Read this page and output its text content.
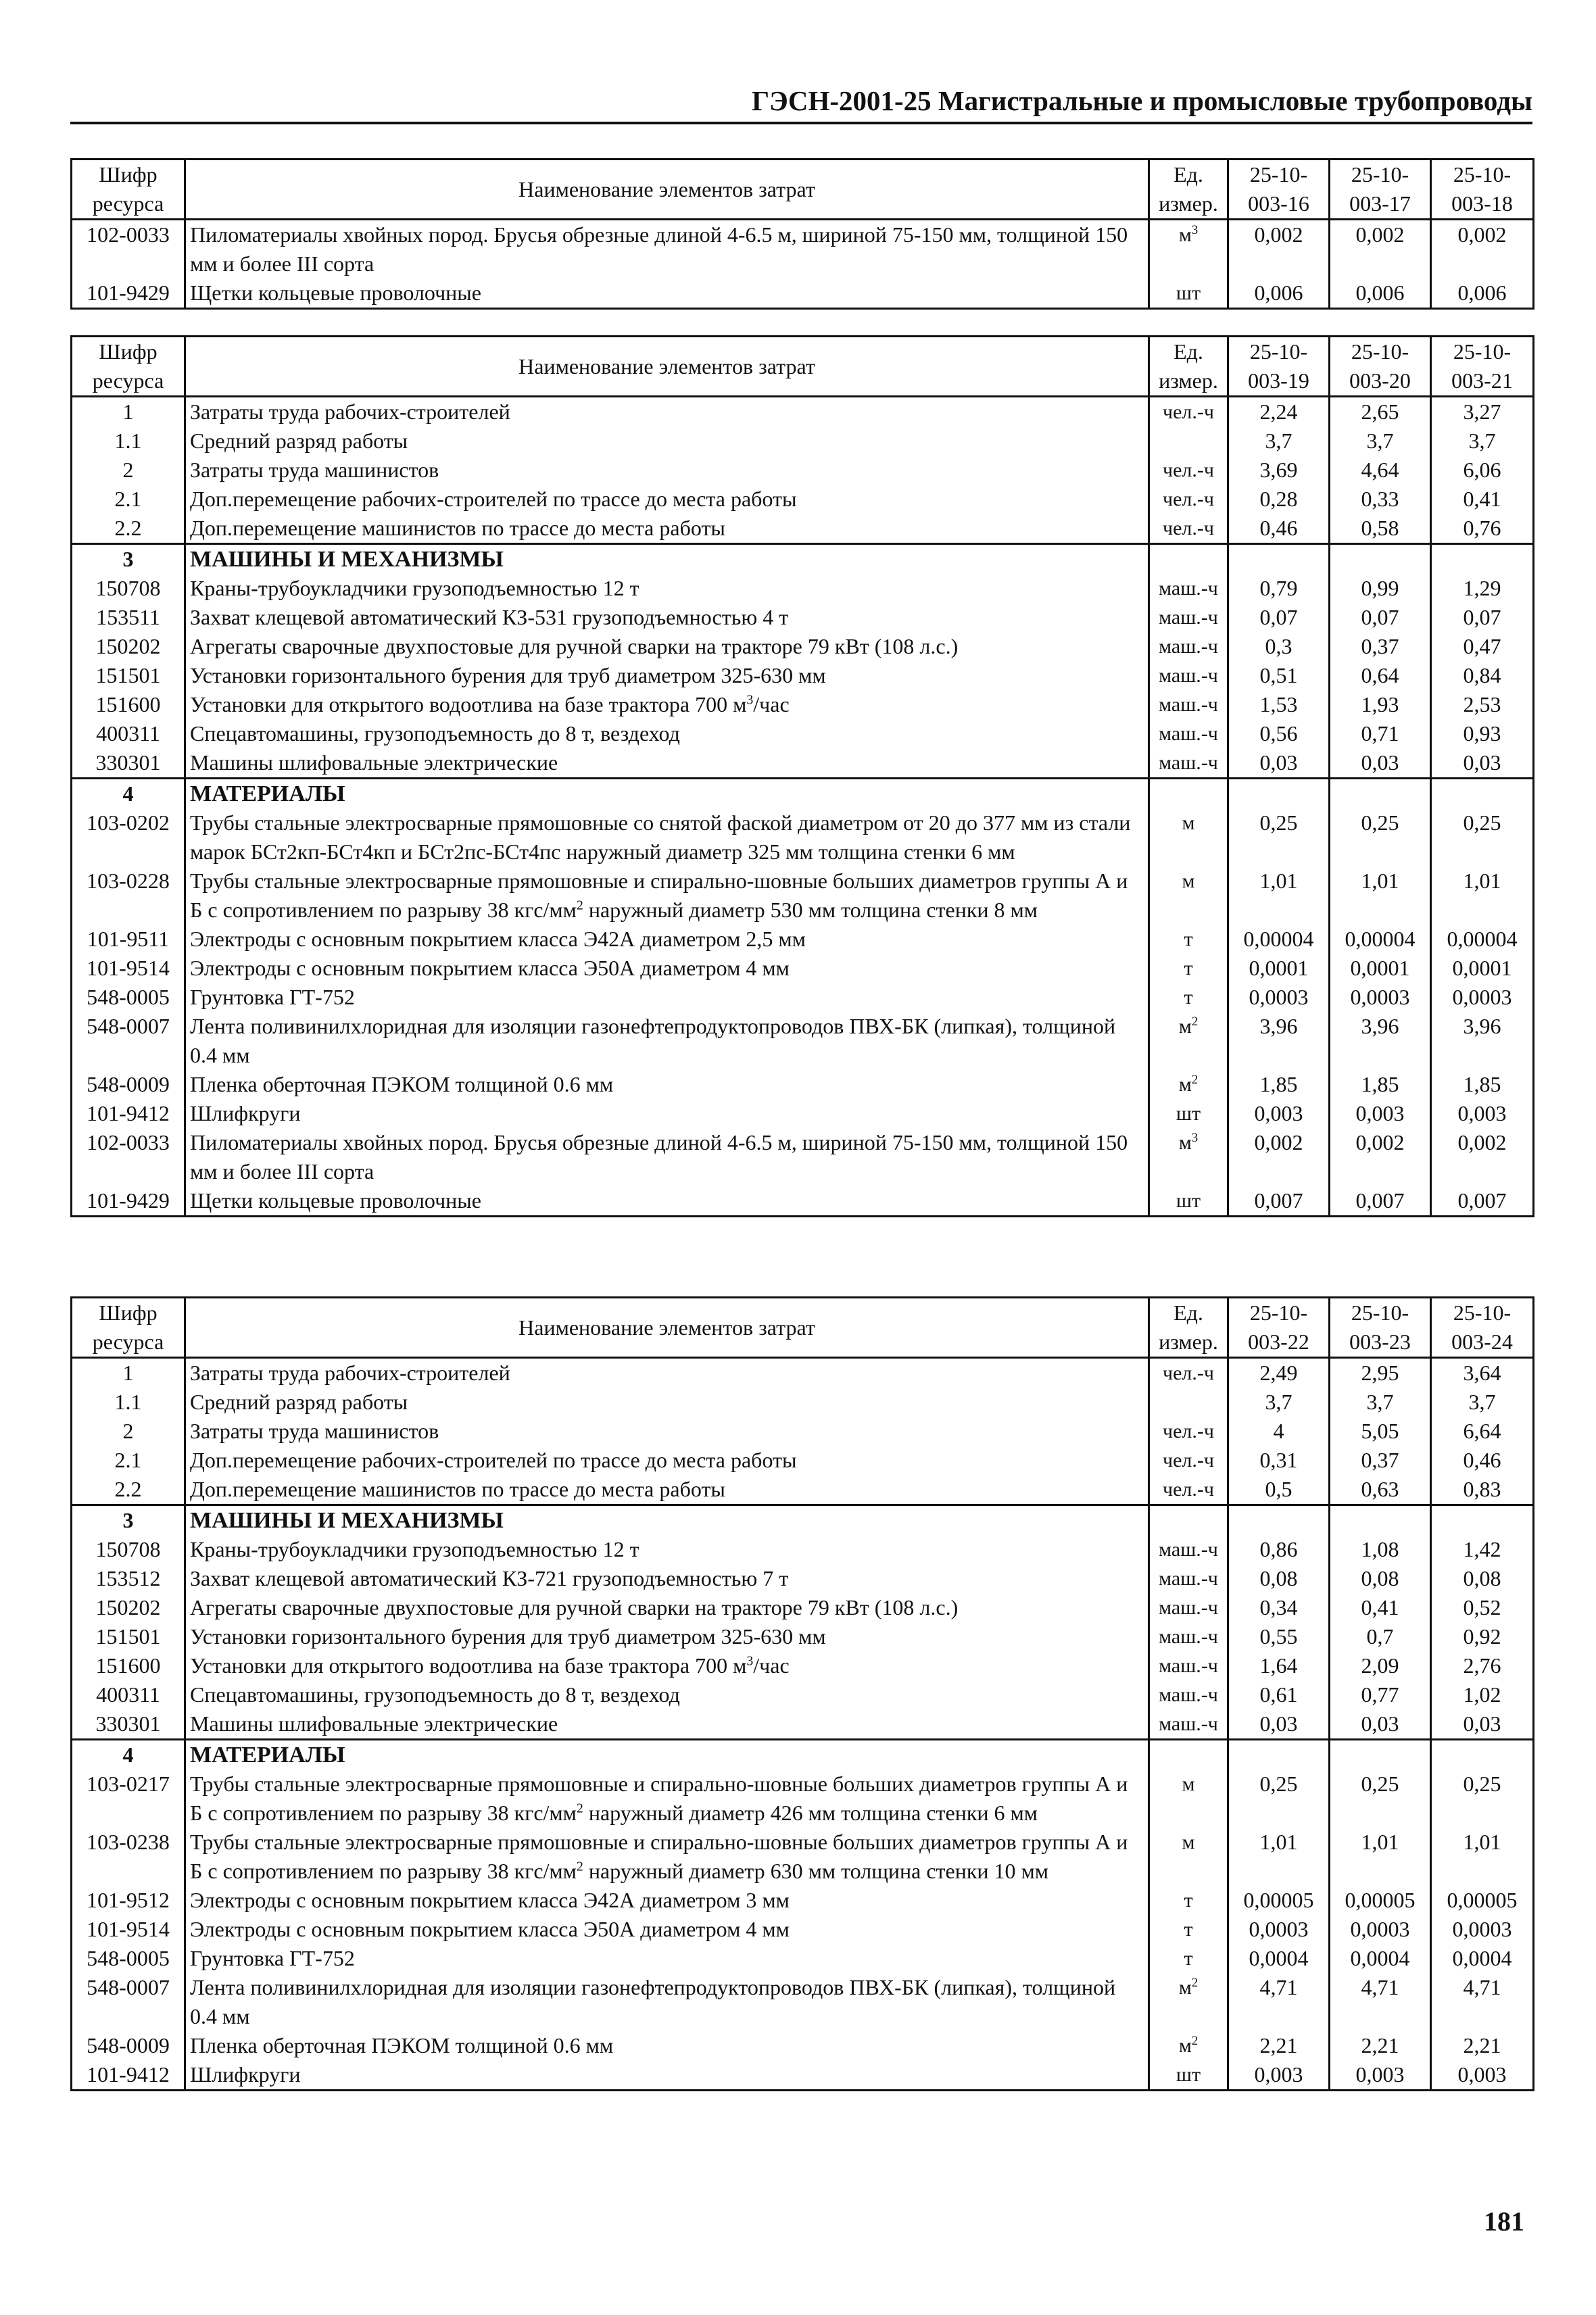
ГЭСН-2001-25 Магистральные и промысловые трубопроводы
Шифр ресурса	Наименование элементов затрат	Ед. измер.	25-10-003-16	25-10-003-17	25-10-003-18
102-0033	Пиломатериалы хвойных пород. Брусья обрезные длиной 4-6.5 м, шириной 75-150 мм, толщиной 150 мм и более III сорта	$м^3$	0,002	0,002	0,002
101-9429	Щетки кольцевые проволочные	шт	0,006	0,006	0,006
Шифр ресурса	Наименование элементов затрат	Ед. измер.	25-10-003-19	25-10-003-20	25-10-003-21
1	Затраты труда рабочих-строителей	чел.-ч	2,24	2,65	3,27
1.1	Средний разряд работы		3,7	3,7	3,7
2	Затраты труда машинистов	чел.-ч	3,69	4,64	6,06
2.1	Доп.перемещение рабочих-строителей по трассе до места работы	чел.-ч	0,28	0,33	0,41
2.2	Доп.перемещение машинистов по трассе до места работы	чел.-ч	0,46	0,58	0,76
3	МАШИНЫ И МЕХАНИЗМЫ				
150708	Краны-трубоукладчики грузоподъемностью 12 т	маш.-ч	0,79	0,99	1,29
153511	Захват клещевой автоматический КЗ-531 грузоподъемностью 4 т	маш.-ч	0,07	0,07	0,07
150202	Агрегаты сварочные двухпостовые для ручной сварки на тракторе 79 кВт (108 л.с.)	маш.-ч	0,3	0,37	0,47
151501	Установки горизонтального бурения для труб диаметром 325-630 мм	маш.-ч	0,51	0,64	0,84
151600	Установки для открытого водоотлива на базе трактора 700 $м^3$/час	маш.-ч	1,53	1,93	2,53
400311	Спецавтомашины, грузоподъемность до 8 т, вездеход	маш.-ч	0,56	0,71	0,93
330301	Машины шлифовальные электрические	маш.-ч	0,03	0,03	0,03
4	МАТЕРИАЛЫ				
103-0202	Трубы стальные электросварные прямошовные со снятой фаской диаметром от 20 до 377 мм из стали марок БСт2кп-БСт4кп и БСт2пс-БСт4пс наружный диаметр 325 мм толщина стенки 6 мм	м	0,25	0,25	0,25
103-0228	Трубы стальные электросварные прямошовные и спирально-шовные больших диаметров группы А и Б с сопротивлением по разрыву 38 кгс/$мм^2$ наружный диаметр 530 мм толщина стенки 8 мм	м	1,01	1,01	1,01
101-9511	Электроды с основным покрытием класса Э42А диаметром 2,5 мм	т	0,00004	0,00004	0,00004
101-9514	Электроды с основным покрытием класса Э50А диаметром 4 мм	т	0,0001	0,0001	0,0001
548-0005	Грунтовка ГТ-752	т	0,0003	0,0003	0,0003
548-0007	Лента поливинилхлоридная для изоляции газонефтепродуктопроводов ПВХ-БК (липкая), толщиной 0.4 мм	$м^2$	3,96	3,96	3,96
548-0009	Пленка оберточная ПЭКОМ толщиной 0.6 мм	$м^2$	1,85	1,85	1,85
101-9412	Шлифкруги	шт	0,003	0,003	0,003
102-0033	Пиломатериалы хвойных пород. Брусья обрезные длиной 4-6.5 м, шириной 75-150 мм, толщиной 150 мм и более III сорта	$м^3$	0,002	0,002	0,002
101-9429	Щетки кольцевые проволочные	шт	0,007	0,007	0,007
Шифр ресурса	Наименование элементов затрат	Ед. измер.	25-10-003-22	25-10-003-23	25-10-003-24
1	Затраты труда рабочих-строителей	чел.-ч	2,49	2,95	3,64
1.1	Средний разряд работы		3,7	3,7	3,7
2	Затраты труда машинистов	чел.-ч	4	5,05	6,64
2.1	Доп.перемещение рабочих-строителей по трассе до места работы	чел.-ч	0,31	0,37	0,46
2.2	Доп.перемещение машинистов по трассе до места работы	чел.-ч	0,5	0,63	0,83
3	МАШИНЫ И МЕХАНИЗМЫ				
150708	Краны-трубоукладчики грузоподъемностью 12 т	маш.-ч	0,86	1,08	1,42
153512	Захват клещевой автоматический КЗ-721 грузоподъемностью 7 т	маш.-ч	0,08	0,08	0,08
150202	Агрегаты сварочные двухпостовые для ручной сварки на тракторе 79 кВт (108 л.с.)	маш.-ч	0,34	0,41	0,52
151501	Установки горизонтального бурения для труб диаметром 325-630 мм	маш.-ч	0,55	0,7	0,92
151600	Установки для открытого водоотлива на базе трактора 700 $м^3$/час	маш.-ч	1,64	2,09	2,76
400311	Спецавтомашины, грузоподъемность до 8 т, вездеход	маш.-ч	0,61	0,77	1,02
330301	Машины шлифовальные электрические	маш.-ч	0,03	0,03	0,03
4	МАТЕРИАЛЫ				
103-0217	Трубы стальные электросварные прямошовные и спирально-шовные больших диаметров группы А и Б с сопротивлением по разрыву 38 кгс/$мм^2$ наружный диаметр 426 мм толщина стенки 6 мм	м	0,25	0,25	0,25
103-0238	Трубы стальные электросварные прямошовные и спирально-шовные больших диаметров группы А и Б с сопротивлением по разрыву 38 кгс/$мм^2$ наружный диаметр 630 мм толщина стенки 10 мм	м	1,01	1,01	1,01
101-9512	Электроды с основным покрытием класса Э42А диаметром 3 мм	т	0,00005	0,00005	0,00005
101-9514	Электроды с основным покрытием класса Э50А диаметром 4 мм	т	0,0003	0,0003	0,0003
548-0005	Грунтовка ГТ-752	т	0,0004	0,0004	0,0004
548-0007	Лента поливинилхлоридная для изоляции газонефтепродуктопроводов ПВХ-БК (липкая), толщиной 0.4 мм	$м^2$	4,71	4,71	4,71
548-0009	Пленка оберточная ПЭКОМ толщиной 0.6 мм	$м^2$	2,21	2,21	2,21
101-9412	Шлифкруги	шт	0,003	0,003	0,003
181
